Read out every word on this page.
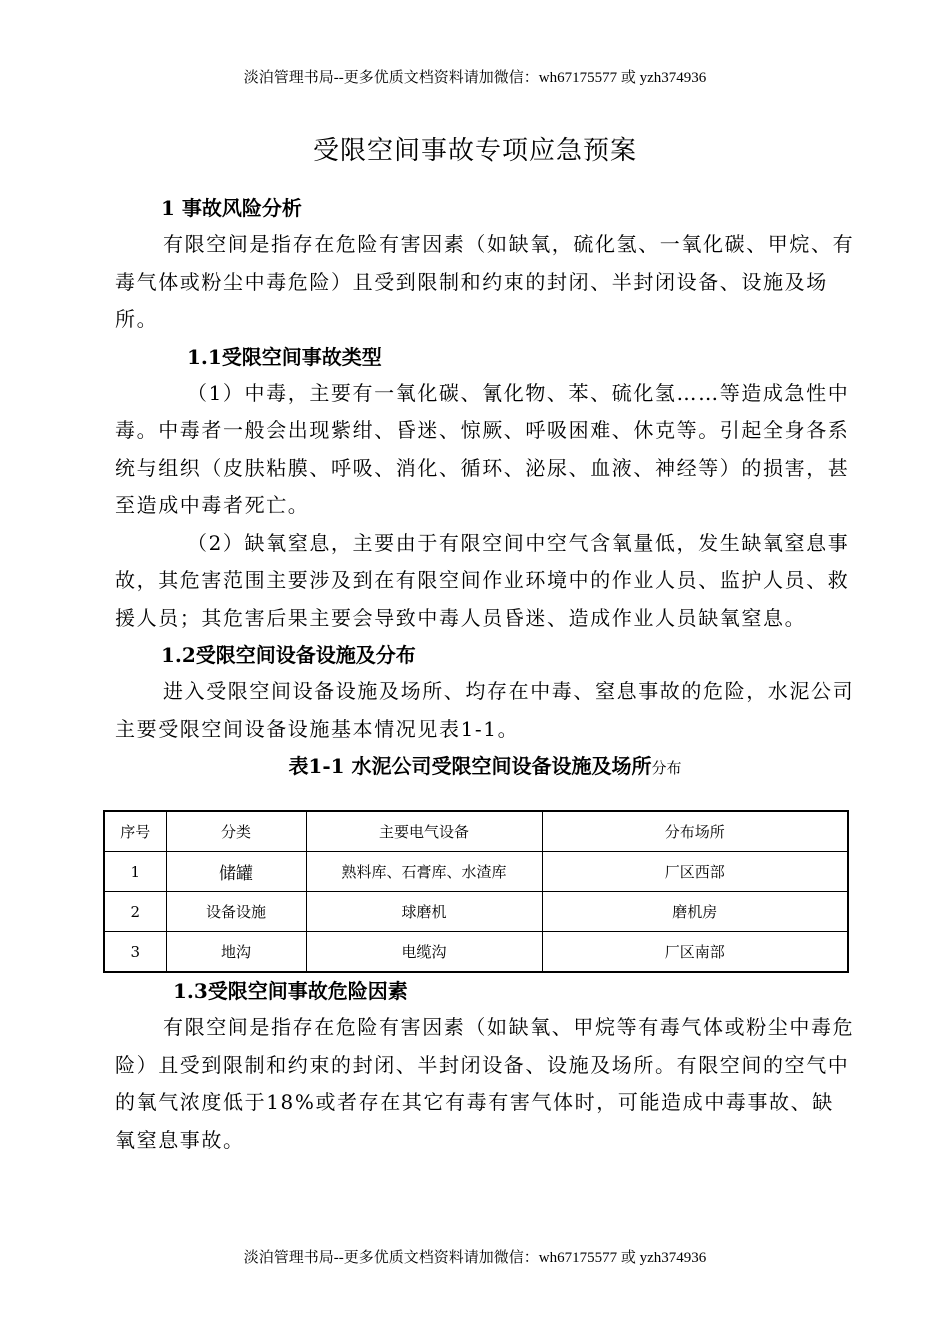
淡泊管理书局--更多优质文档资料请加微信：wh67175577 或 yzh374936
受限空间事故专项应急预案

1 事故风险分析

有限空间是指存在危险有害因素（如缺氧，硫化氢、一氧化碳、甲烷、有毒气体或粉尘中毒危险）且受到限制和约束的封闭、半封闭设备、设施及场所。

1.1受限空间事故类型

（1）中毒，主要有一氧化碳、氰化物、苯、硫化氢……等造成急性中毒。中毒者一般会出现紫绀、昏迷、惊厥、呼吸困难、休克等。引起全身各系统与组织（皮肤粘膜、呼吸、消化、循环、泌尿、血液、神经等）的损害，甚至造成中毒者死亡。

（2）缺氧窒息，主要由于有限空间中空气含氧量低，发生缺氧窒息事故，其危害范围主要涉及到在有限空间作业环境中的作业人员、监护人员、救援人员；其危害后果主要会导致中毒人员昏迷、造成作业人员缺氧窒息。

1.2受限空间设备设施及分布

进入受限空间设备设施及场所、均存在中毒、窒息事故的危险，水泥公司主要受限空间设备设施基本情况见表1-1。

表1-1 水泥公司受限空间设备设施及场所分布

序号	分类	主要电气设备	分布场所
1	储罐	熟料库、石膏库、水渣库	厂区西部
2	设备设施	球磨机	磨机房
3	地沟	电缆沟	厂区南部

1.3受限空间事故危险因素

有限空间是指存在危险有害因素（如缺氧、甲烷等有毒气体或粉尘中毒危险）且受到限制和约束的封闭、半封闭设备、设施及场所。有限空间的空气中的氧气浓度低于18%或者存在其它有毒有害气体时，可能造成中毒事故、缺氧窒息事故。

淡泊管理书局--更多优质文档资料请加微信：wh67175577 或 yzh374936
